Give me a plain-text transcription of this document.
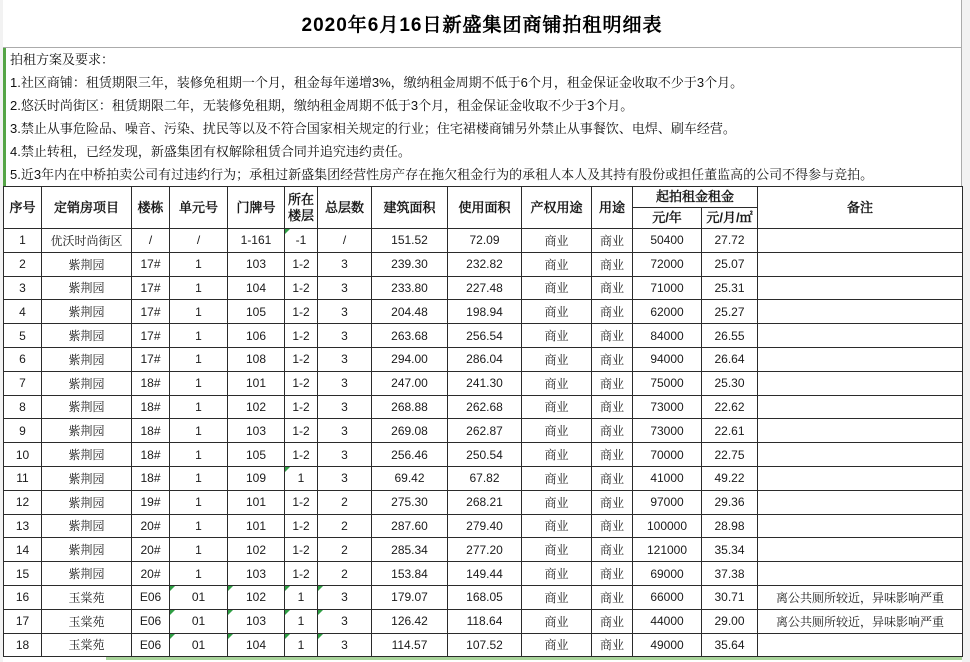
2020年6月16日新盛集团商铺拍租明细表
拍租方案及要求：
1.社区商铺：租赁期限三年，装修免租期一个月，租金每年递增3%，缴纳租金周期不低于6个月，租金保证金收取不少于3个月。
2.悠沃时尚街区：租赁期限二年，无装修免租期，缴纳租金周期不低于3个月，租金保证金收取不少于3个月。
3.禁止从事危险品、噪音、污染、扰民等以及不符合国家相关规定的行业；住宅裙楼商铺另外禁止从事餐饮、电焊、刷车经营。
4.禁止转租，已经发现，新盛集团有权解除租赁合同并追究违约责任。
5.近3年内在中桥拍卖公司有过违约行为；承租过新盛集团经营性房产存在拖欠租金行为的承租人本人及其持有股份或担任董监高的公司不得参与竞拍。
序号	定销房项目	楼栋	单元号	门牌号	所在楼层	总层数	建筑面积	使用面积	产权用途	用途	起拍租金租金		备注
											元/年	元/月/㎡	
1	优沃时尚街区	/	/	1-161	-1	/	151.52	72.09	商业	商业	50400	27.72	
2	紫荆园	17#	1	103	1-2	3	239.30	232.82	商业	商业	72000	25.07	
3	紫荆园	17#	1	104	1-2	3	233.80	227.48	商业	商业	71000	25.31	
4	紫荆园	17#	1	105	1-2	3	204.48	198.94	商业	商业	62000	25.27	
5	紫荆园	17#	1	106	1-2	3	263.68	256.54	商业	商业	84000	26.55	
6	紫荆园	17#	1	108	1-2	3	294.00	286.04	商业	商业	94000	26.64	
7	紫荆园	18#	1	101	1-2	3	247.00	241.30	商业	商业	75000	25.30	
8	紫荆园	18#	1	102	1-2	3	268.88	262.68	商业	商业	73000	22.62	
9	紫荆园	18#	1	103	1-2	3	269.08	262.87	商业	商业	73000	22.61	
10	紫荆园	18#	1	105	1-2	3	256.46	250.54	商业	商业	70000	22.75	
11	紫荆园	18#	1	109	1	3	69.42	67.82	商业	商业	41000	49.22	
12	紫荆园	19#	1	101	1-2	2	275.30	268.21	商业	商业	97000	29.36	
13	紫荆园	20#	1	101	1-2	2	287.60	279.40	商业	商业	100000	28.98	
14	紫荆园	20#	1	102	1-2	2	285.34	277.20	商业	商业	121000	35.34	
15	紫荆园	20#	1	103	1-2	2	153.84	149.44	商业	商业	69000	37.38	
16	玉棠苑	E06	01	102	1	3	179.07	168.05	商业	商业	66000	30.71	离公共厕所较近，异味影响严重
17	玉棠苑	E06	01	103	1	3	126.42	118.64	商业	商业	44000	29.00	离公共厕所较近，异味影响严重
18	玉棠苑	E06	01	104	1	3	114.57	107.52	商业	商业	49000	35.64	
